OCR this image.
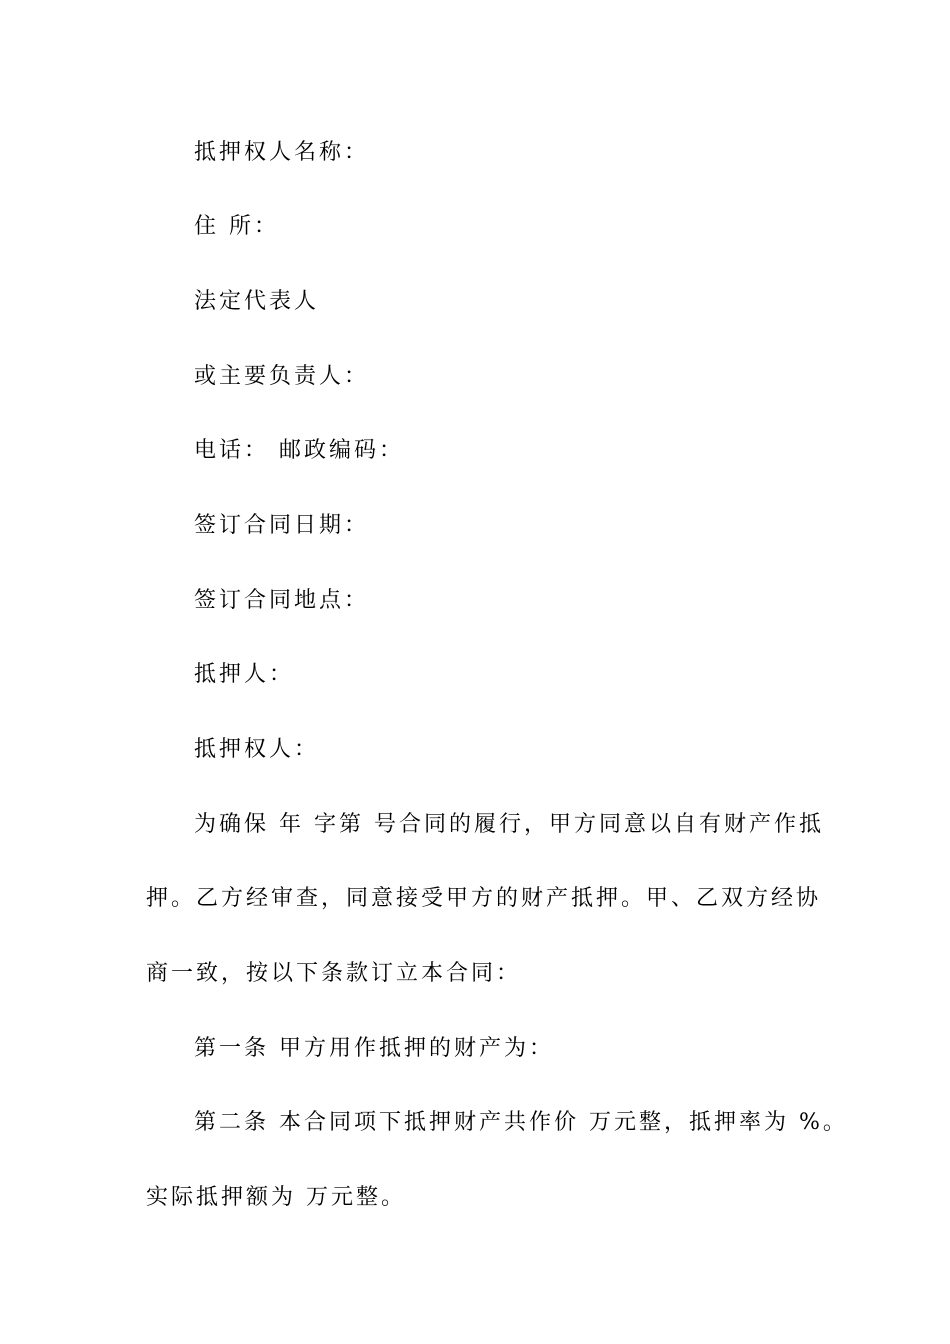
抵押权人名称：
住 所：
法定代表人
或主要负责人：
电话： 邮政编码：
签订合同日期：
签订合同地点：
抵押人：
抵押权人：
为确保 年 字第 号合同的履行，甲方同意以自有财产作抵
押。乙方经审查，同意接受甲方的财产抵押。甲、乙双方经协
商一致，按以下条款订立本合同：
第一条 甲方用作抵押的财产为：
第二条 本合同项下抵押财产共作价 万元整，抵押率为 %。
实际抵押额为 万元整。
